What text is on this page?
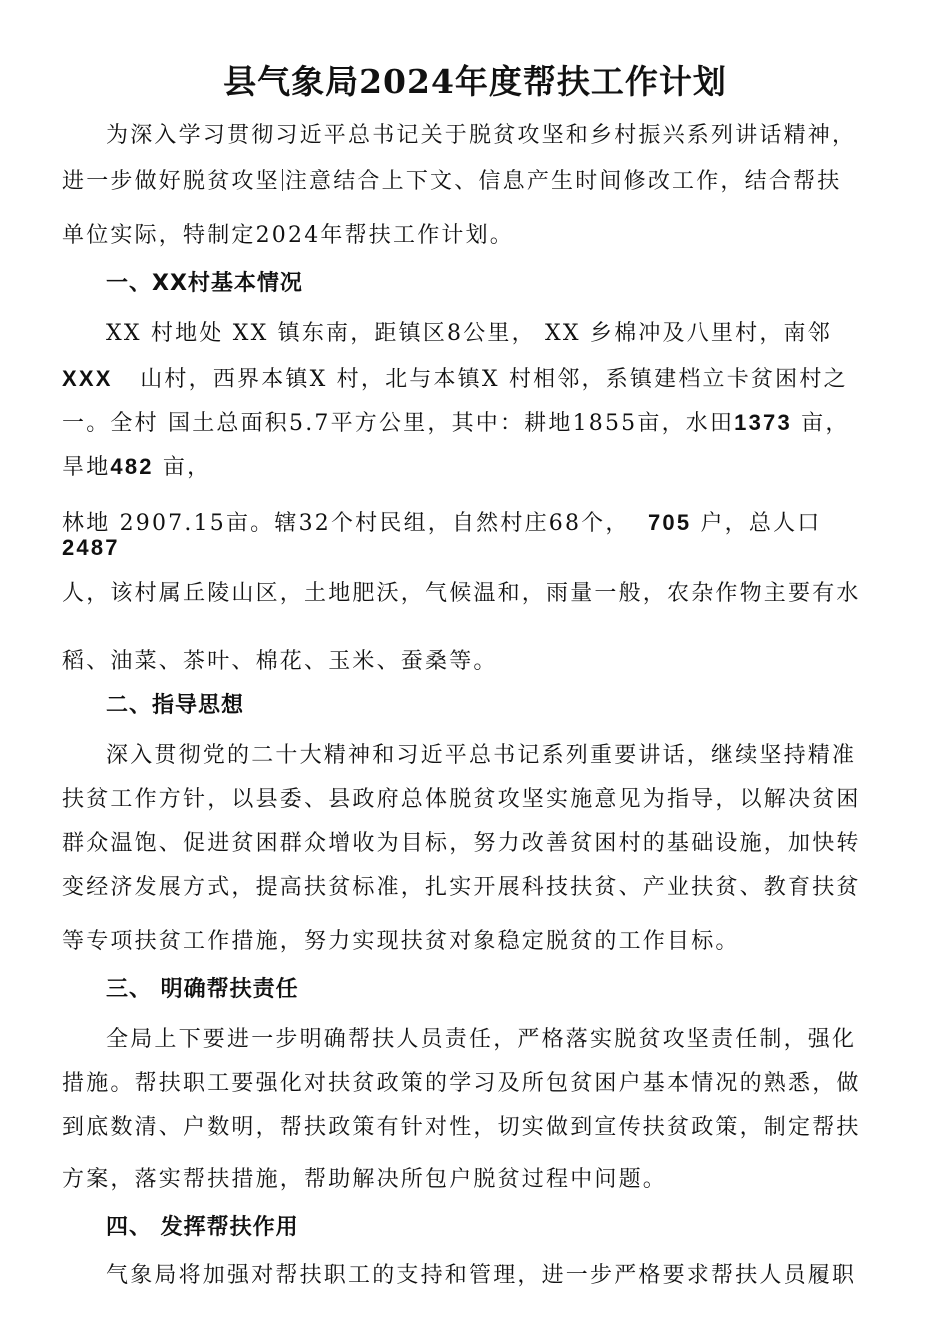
县气象局2024年度帮扶工作计划
为深入学习贯彻习近平总书记关于脱贫攻坚和乡村振兴系列讲话精神，
进一步做好脱贫攻坚 注意结合上下文、信息产生时间修改工作，结合帮扶
单位实际，特制定2024年帮扶工作计划。
一、XX村基本情况
XX 村地处 XX 镇东南，距镇区8公里， XX 乡棉冲及八里村，南邻
XXX 山村，西界本镇X 村，北与本镇X 村相邻，系镇建档立卡贫困村之
一。全村 国土总面积5.7平方公里，其中：耕地1855亩，水田1373 亩，
旱地482 亩，
林地 2907.15亩。辖32个村民组，自然村庄68个， 705 户，总人口
2487
人，该村属丘陵山区，土地肥沃，气候温和，雨量一般，农杂作物主要有水
稻、油菜、茶叶、棉花、玉米、蚕桑等。
二、指导思想
深入贯彻党的二十大精神和习近平总书记系列重要讲话，继续坚持精准
扶贫工作方针，以县委、县政府总体脱贫攻坚实施意见为指导，以解决贫困
群众温饱、促进贫困群众增收为目标，努力改善贫困村的基础设施，加快转
变经济发展方式，提高扶贫标准，扎实开展科技扶贫、产业扶贫、教育扶贫
等专项扶贫工作措施，努力实现扶贫对象稳定脱贫的工作目标。
三、 明确帮扶责任
全局上下要进一步明确帮扶人员责任，严格落实脱贫攻坚责任制，强化
措施。帮扶职工要强化对扶贫政策的学习及所包贫困户基本情况的熟悉，做
到底数清、户数明，帮扶政策有针对性，切实做到宣传扶贫政策，制定帮扶
方案，落实帮扶措施，帮助解决所包户脱贫过程中问题。
四、 发挥帮扶作用
气象局将加强对帮扶职工的支持和管理，进一步严格要求帮扶人员履职
